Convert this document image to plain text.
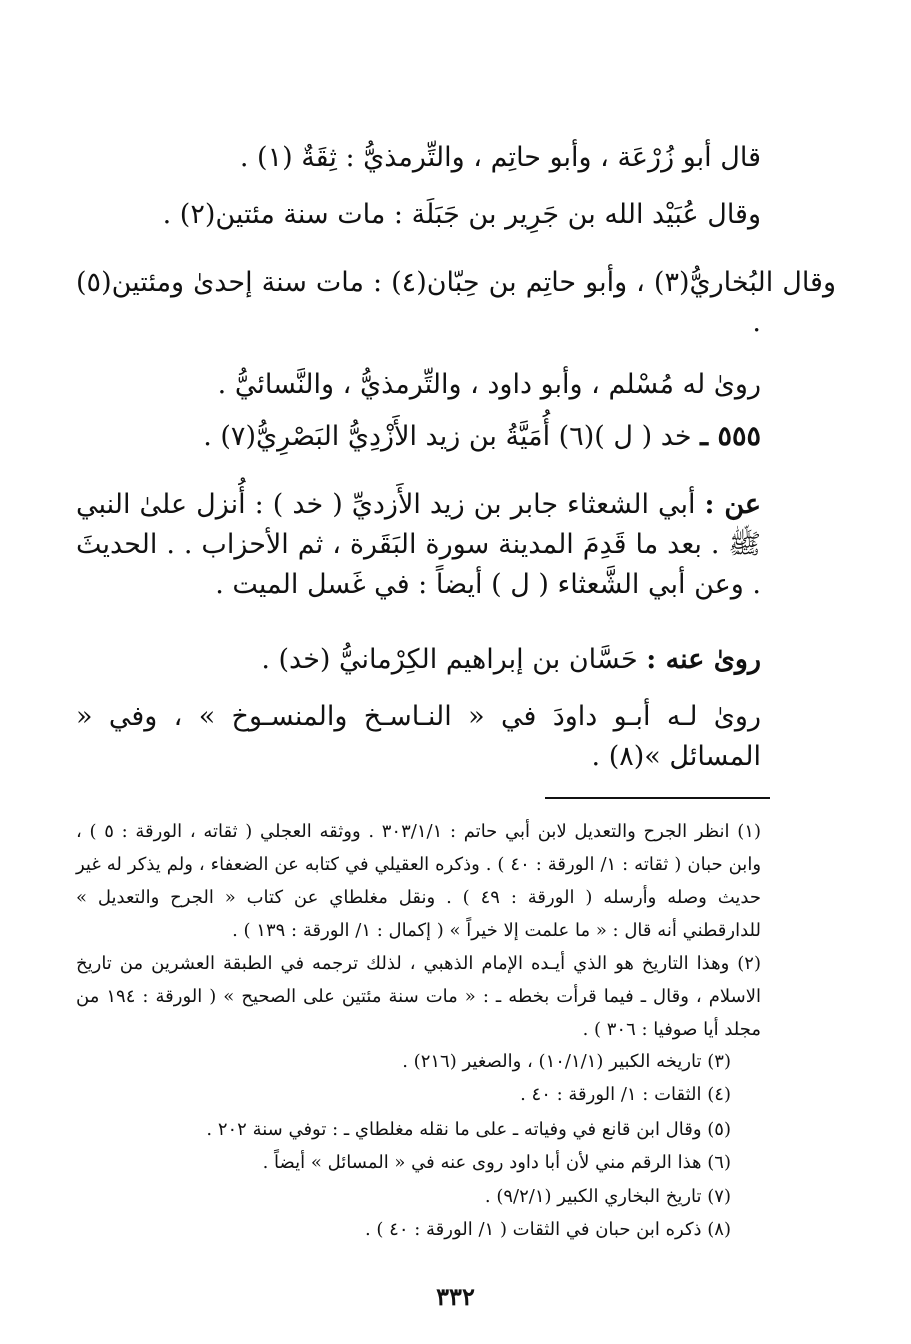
قال أبو زُرْعَة ، وأبو حاتِم ، والتِّرمذيُّ : ثِقَةٌ (١) .
وقال عُبَيْد الله بن جَرِير بن جَبَلَة : مات سنة مئتين(٢) .
وقال البُخاريُّ(٣) ، وأبو حاتِم بن حِبّان(٤) : مات سنة إحدىٰ ومئتين(٥) .
رویٰ له مُسْلم ، وأبو داود ، والتِّرمذيُّ ، والنَّسائيُّ .
٥٥٥ ـ خد ( ل )(٦) أُمَيَّةُ بن زيد الأَزْدِيُّ البَصْرِيُّ(٧) .
عن : أبي الشعثاء جابر بن زيد الأَزديِّ ( خد ) : أُنزل علىٰ النبي ﷺ . بعد ما قَدِمَ المدينة سورة البَقَرة ، ثم الأحزاب . . الحديثَ . وعن أبي الشَّعثاء ( ل ) أيضاً : في غَسل الميت .
رویٰ عنه : حَسَّان بن إبراهيم الكِرْمانيُّ (خد) .
رویٰ لـه أبـو داودَ في « النـاسـخ والمنسـوخ » ، وفي « المسائل »(٨) .
(١) انظر الجرح والتعديل لابن أبي حاتم : ٣٠٣/١/١ . ووثقه العجلي ( ثقاته ، الورقة : ٥ ) ، وابن حبان ( ثقاته : ١/ الورقة : ٤٠ ) . وذكره العقيلي في كتابه عن الضعفاء ، ولم يذكر له غير حديث وصله وأرسله ( الورقة : ٤٩ ) . ونقل مغلطاي عن كتاب « الجرح والتعديل » للدارقطني أنه قال : « ما علمت إلا خيراً » ( إكمال : ١/ الورقة : ١٣٩ ) .
(٢) وهذا التاريخ هو الذي أيـده الإمام الذهبي ، لذلك ترجمه في الطبقة العشرين من تاريخ الاسلام ، وقال ـ فيما قرأت بخطه ـ : « مات سنة مئتين على الصحيح » ( الورقة : ١٩٤ من مجلد أيا صوفيا : ٣٠٦ ) .
(٣) تاريخه الكبير (١٠/١/١) ، والصغير (٢١٦) .
(٤) الثقات : ١/ الورقة : ٤٠ .
(٥) وقال ابن قانع في وفياته ـ على ما نقله مغلطاي ـ : توفي سنة ٢٠٢ .
(٦) هذا الرقم مني لأن أبا داود روى عنه في « المسائل » أيضاً .
(٧) تاريخ البخاري الكبير (٩/٢/١) .
(٨) ذكره ابن حبان في الثقات ( ١/ الورقة : ٤٠ ) .
٣٣٢
